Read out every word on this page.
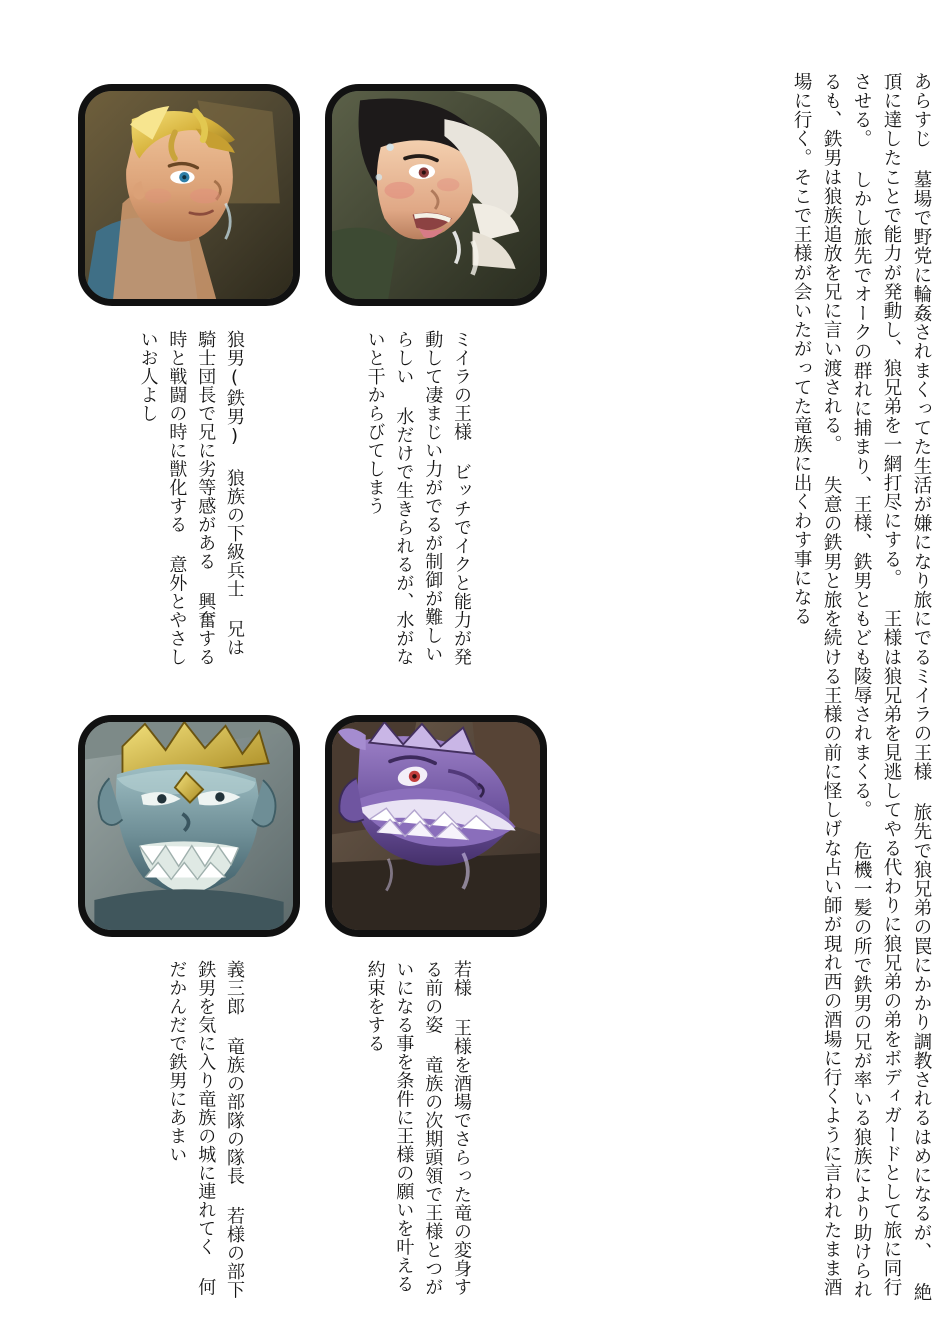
あらすじ 墓場で野党に輪姦されまくってた生活が嫌になり旅にでるミイラの王様 旅先で狼兄弟の罠にかかり調教されるはめになるが、 絶頂に達したことで能力が発動し、狼兄弟を一網打尽にする。 王様は狼兄弟を見逃してやる代わりに狼兄弟の弟をボディガードとして旅に同行させる。 しかし旅先でオークの群れに捕まり、王様、鉄男ともども陵辱されまくる。 危機一髪の所で鉄男の兄が率いる狼族により助けられるも、鉄男は狼族追放を兄に言い渡される。 失意の鉄男と旅を続ける王様の前に怪しげな占い師が現れ西の酒場に行くように言われたまま酒場に行く。そこで王様が会いたがってた竜族に出くわす事になる
狼男(鉄男) 狼族の下級兵士 兄は騎士団長で兄に劣等感がある 興奮する時と戦闘の時に獣化する 意外とやさしいお人よし	ミイラの王様 ビッチでイクと能力が発動して凄まじい力がでるが制御が難しいらしい 水だけで生きられるが、水がないと干からびてしまう
義三郎 竜族の部隊の隊長 若様の部下 鉄男を気に入り竜族の城に連れてく 何だかんだで鉄男にあまい	若様 王様を酒場でさらった竜の変身する前の姿 竜族の次期頭領で王様とつがいになる事を条件に王様の願いを叶える約束をする
